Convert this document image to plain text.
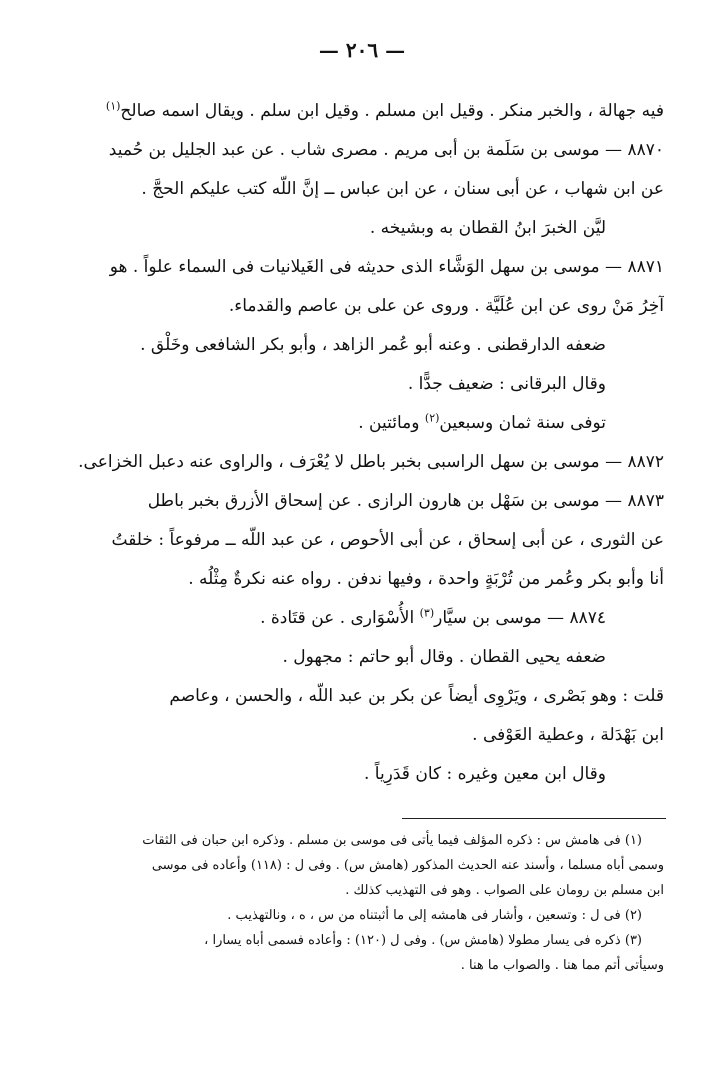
— ٢٠٦ —
فيه جهالة ، والخبر منكر . وقيل ابن مسلم . وقيل ابن سلم . ويقال اسمه صالح$^{(١)}$
٨٨٧٠ — موسى بن سَلَمة بن أبى مريم . مصرى شاب . عن عبد الجليل بن حُميد
عن ابن شهاب ، عن أبى سنان ، عن ابن عباس ــ إنَّ اللّه كتب عليكم الحجَّ .
ليَّن الخبرَ ابنُ القطان به وبشيخه .
٨٨٧١ — موسى بن سهل الوَشَّاء الذى حديثه فى الغَيلانيات فى السماء علواً . هو
آخِرُ مَنْ روى عن ابن عُلَيَّة . وروى عن على بن عاصم والقدماء.
ضعفه الدارقطنى . وعنه أبو عُمر الزاهد ، وأبو بكر الشافعى وخَلْق .
وقال البرقانى : ضعيف جدًّا .
توفى سنة ثمان وسبعين$^{(٢)}$ ومائتين .
٨٨٧٢ — موسى بن سهل الراسبى بخبر باطل لا يُعْرَف ، والراوى عنه دعبل الخزاعى.
٨٨٧٣ — موسى بن سَهْل بن هارون الرازى . عن إسحاق الأزرق بخبر باطل
عن الثورى ، عن أبى إسحاق ، عن أبى الأحوص ، عن عبد اللّه ــ مرفوعاً : خلقتُ
أنا وأبو بكر وعُمر من تُرْبَةٍ واحدة ، وفيها ندفن . رواه عنه نكرةٌ مِثْلُه .
٨٨٧٤ — موسى بن سيَّار$^{(٣)}$ الأُسْوَارى . عن قتَادة .
ضعفه يحيى القطان . وقال أبو حاتم : مجهول .
قلت : وهو بَصْرى ، ويَرْوِى أيضاً عن بكر بن عبد اللّه ، والحسن ، وعاصم
ابن بَهْدَلة ، وعطية العَوْفى .
وقال ابن معين وغيره : كان قَدَرِياً .
(١) فى هامش س : ذكره المؤلف فيما يأتى فى موسى بن مسلم . وذكره ابن حبان فى الثقات
وسمى أباه مسلما ، وأسند عنه الحديث المذكور (هامش س) . وفى ل : (١١٨) وأعاده فى موسى
ابن مسلم بن رومان على الصواب . وهو فى التهذيب كذلك .
(٢) فى ل : وتسعين ، وأشار فى هامشه إلى ما أثبتناه من س ، ه ، ونالتهذيب .
(٣) ذكره فى يسار مطولا (هامش س) . وفى ل (١٢٠) : وأعاده فسمى أباه يسارا ،
وسيأتى أتم مما هنا . والصواب ما هنا .
